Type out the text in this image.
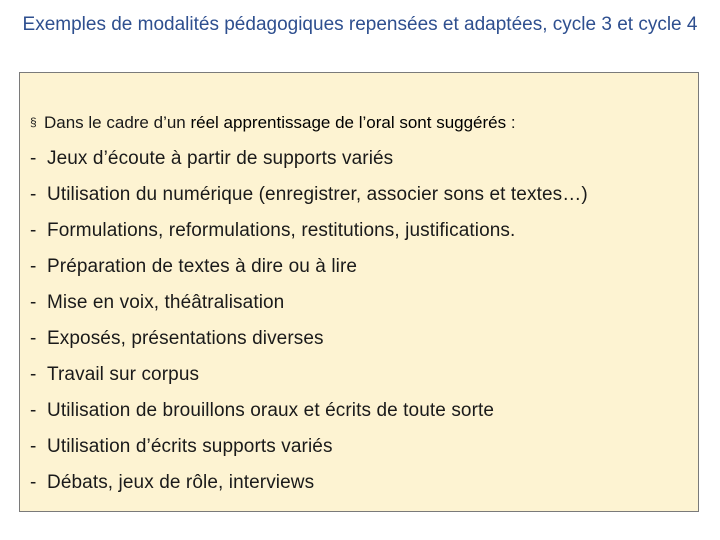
Exemples de modalités pédagogiques repensées et adaptées, cycle 3 et cycle 4
§ Dans le cadre d’un réel apprentissage de l’oral sont suggérés :
- Jeux d’écoute à partir de supports variés
- Utilisation du numérique (enregistrer, associer sons et textes…)
- Formulations, reformulations, restitutions, justifications.
- Préparation de textes à dire ou à lire
- Mise en voix, théâtralisation
- Exposés, présentations diverses
- Travail sur corpus
- Utilisation de brouillons oraux et écrits de toute sorte
- Utilisation d’écrits supports variés
- Débats, jeux de rôle, interviews
